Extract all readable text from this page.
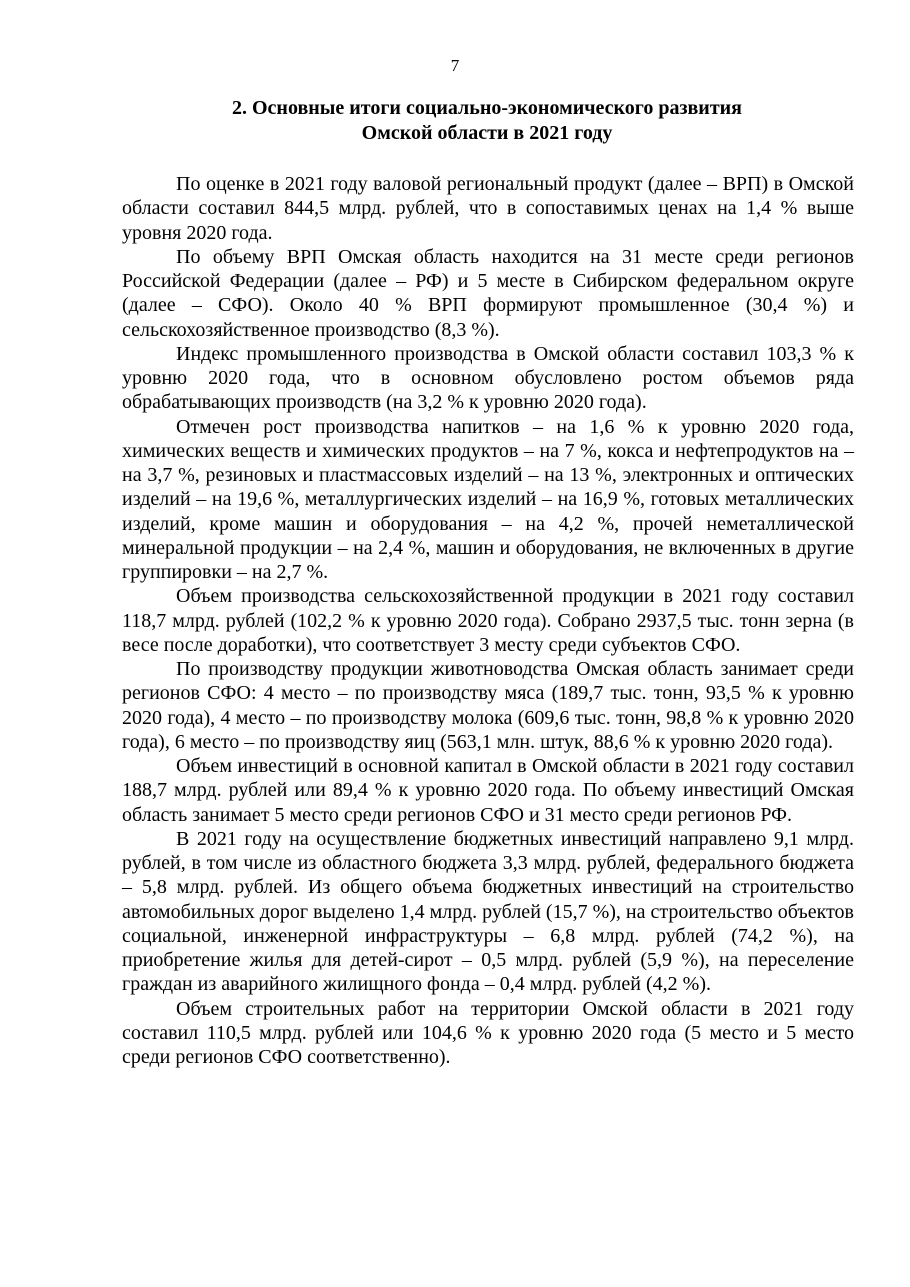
7
2. Основные итоги социально-экономического развития
Омской области в 2021 году

По оценке в 2021 году валовой региональный продукт (далее – ВРП) в Омской области составил 844,5 млрд. рублей, что в сопоставимых ценах на 1,4 % выше уровня 2020 года.

По объему ВРП Омская область находится на 31 месте среди регионов Российской Федерации (далее – РФ) и 5 месте в Сибирском федеральном округе (далее – СФО). Около 40 % ВРП формируют промышленное (30,4 %) и сельскохозяйственное производство (8,3 %).

Индекс промышленного производства в Омской области составил 103,3 % к уровню 2020 года, что в основном обусловлено ростом объемов ряда обрабатывающих производств (на 3,2 % к уровню 2020 года).

Отмечен рост производства напитков – на 1,6 % к уровню 2020 года, химических веществ и химических продуктов – на 7 %, кокса и нефтепродуктов на – на 3,7 %, резиновых и пластмассовых изделий – на 13 %, электронных и оптических изделий – на 19,6 %, металлургических изделий – на 16,9 %, готовых металлических изделий, кроме машин и оборудования – на 4,2 %, прочей неметаллической минеральной продукции – на 2,4 %, машин и оборудования, не включенных в другие группировки – на 2,7 %.

Объем производства сельскохозяйственной продукции в 2021 году составил 118,7 млрд. рублей (102,2 % к уровню 2020 года). Собрано 2937,5 тыс. тонн зерна (в весе после доработки), что соответствует 3 месту среди субъектов СФО.

По производству продукции животноводства Омская область занимает среди регионов СФО: 4 место – по производству мяса (189,7 тыс. тонн, 93,5 % к уровню 2020 года), 4 место – по производству молока (609,6 тыс. тонн, 98,8 % к уровню 2020 года), 6 место – по производству яиц (563,1 млн. штук, 88,6 % к уровню 2020 года).

Объем инвестиций в основной капитал в Омской области в 2021 году составил 188,7 млрд. рублей или 89,4 % к уровню 2020 года. По объему инвестиций Омская область занимает 5 место среди регионов СФО и 31 место среди регионов РФ.

В 2021 году на осуществление бюджетных инвестиций направлено 9,1 млрд. рублей, в том числе из областного бюджета 3,3 млрд. рублей, федерального бюджета – 5,8 млрд. рублей. Из общего объема бюджетных инвестиций на строительство автомобильных дорог выделено 1,4 млрд. рублей (15,7 %), на строительство объектов социальной, инженерной инфраструктуры – 6,8 млрд. рублей (74,2 %), на приобретение жилья для детей-сирот – 0,5 млрд. рублей (5,9 %), на переселение граждан из аварийного жилищного фонда – 0,4 млрд. рублей (4,2 %).

Объем строительных работ на территории Омской области в 2021 году составил 110,5 млрд. рублей или 104,6 % к уровню 2020 года (5 место и 5 место среди регионов СФО соответственно).
